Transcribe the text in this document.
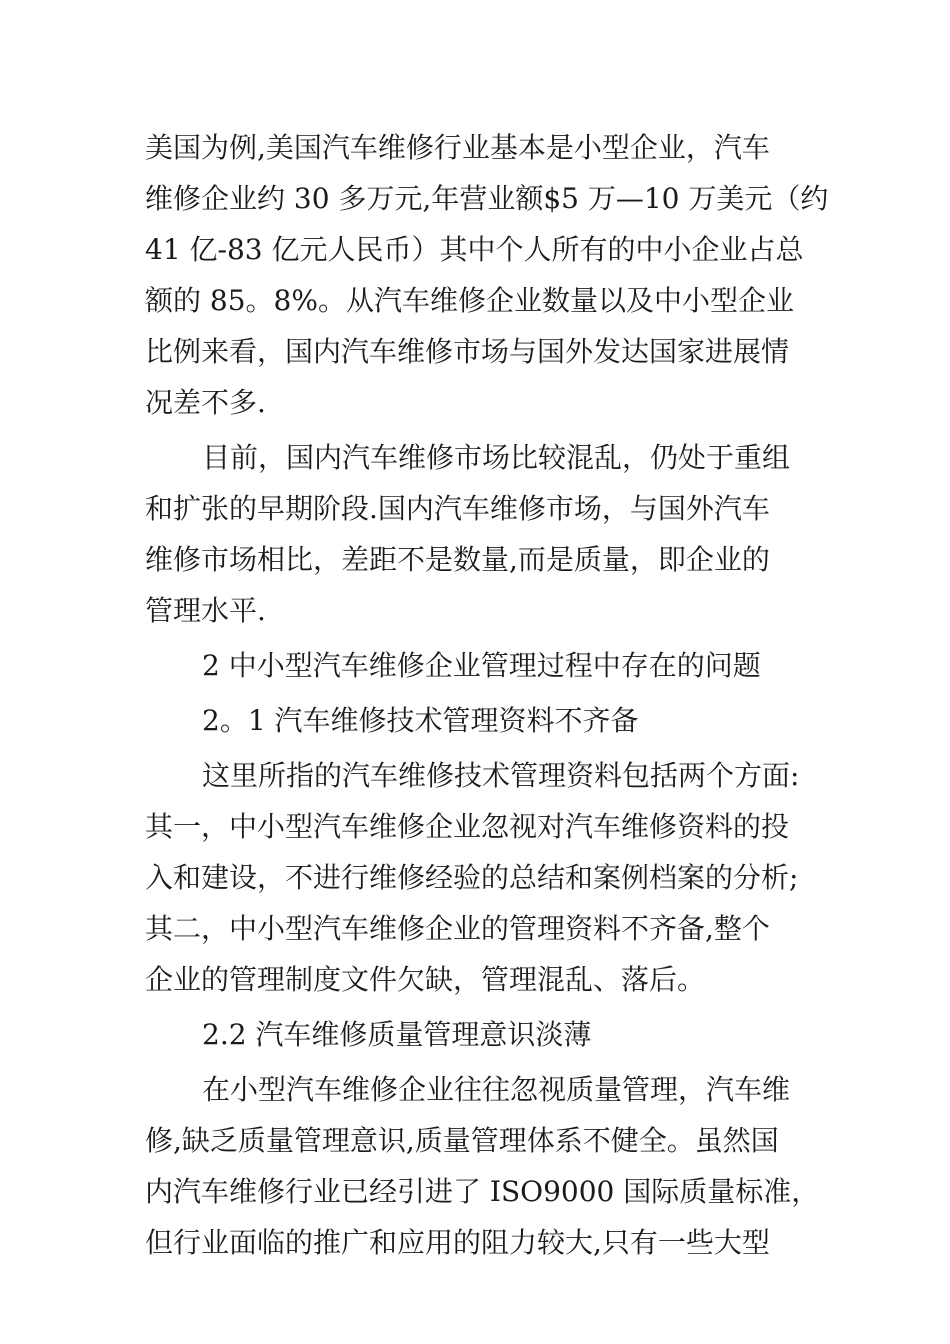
美国为例,美国汽车维修行业基本是小型企业，汽车
维修企业约 30 多万元,年营业额$5 万—10 万美元（约
41 亿-83 亿元人民币）其中个人所有的中小企业占总
额的 85。8%。从汽车维修企业数量以及中小型企业
比例来看，国内汽车维修市场与国外发达国家进展情
况差不多.
目前，国内汽车维修市场比较混乱，仍处于重组
和扩张的早期阶段.国内汽车维修市场，与国外汽车
维修市场相比，差距不是数量,而是质量，即企业的
管理水平.
2 中小型汽车维修企业管理过程中存在的问题
2。1 汽车维修技术管理资料不齐备
这里所指的汽车维修技术管理资料包括两个方面:
其一，中小型汽车维修企业忽视对汽车维修资料的投
入和建设，不进行维修经验的总结和案例档案的分析;
其二，中小型汽车维修企业的管理资料不齐备,整个
企业的管理制度文件欠缺，管理混乱、落后。
2.2 汽车维修质量管理意识淡薄
在小型汽车维修企业往往忽视质量管理，汽车维
修,缺乏质量管理意识,质量管理体系不健全。虽然国
内汽车维修行业已经引进了 ISO9000 国际质量标准，
但行业面临的推广和应用的阻力较大,只有一些大型
